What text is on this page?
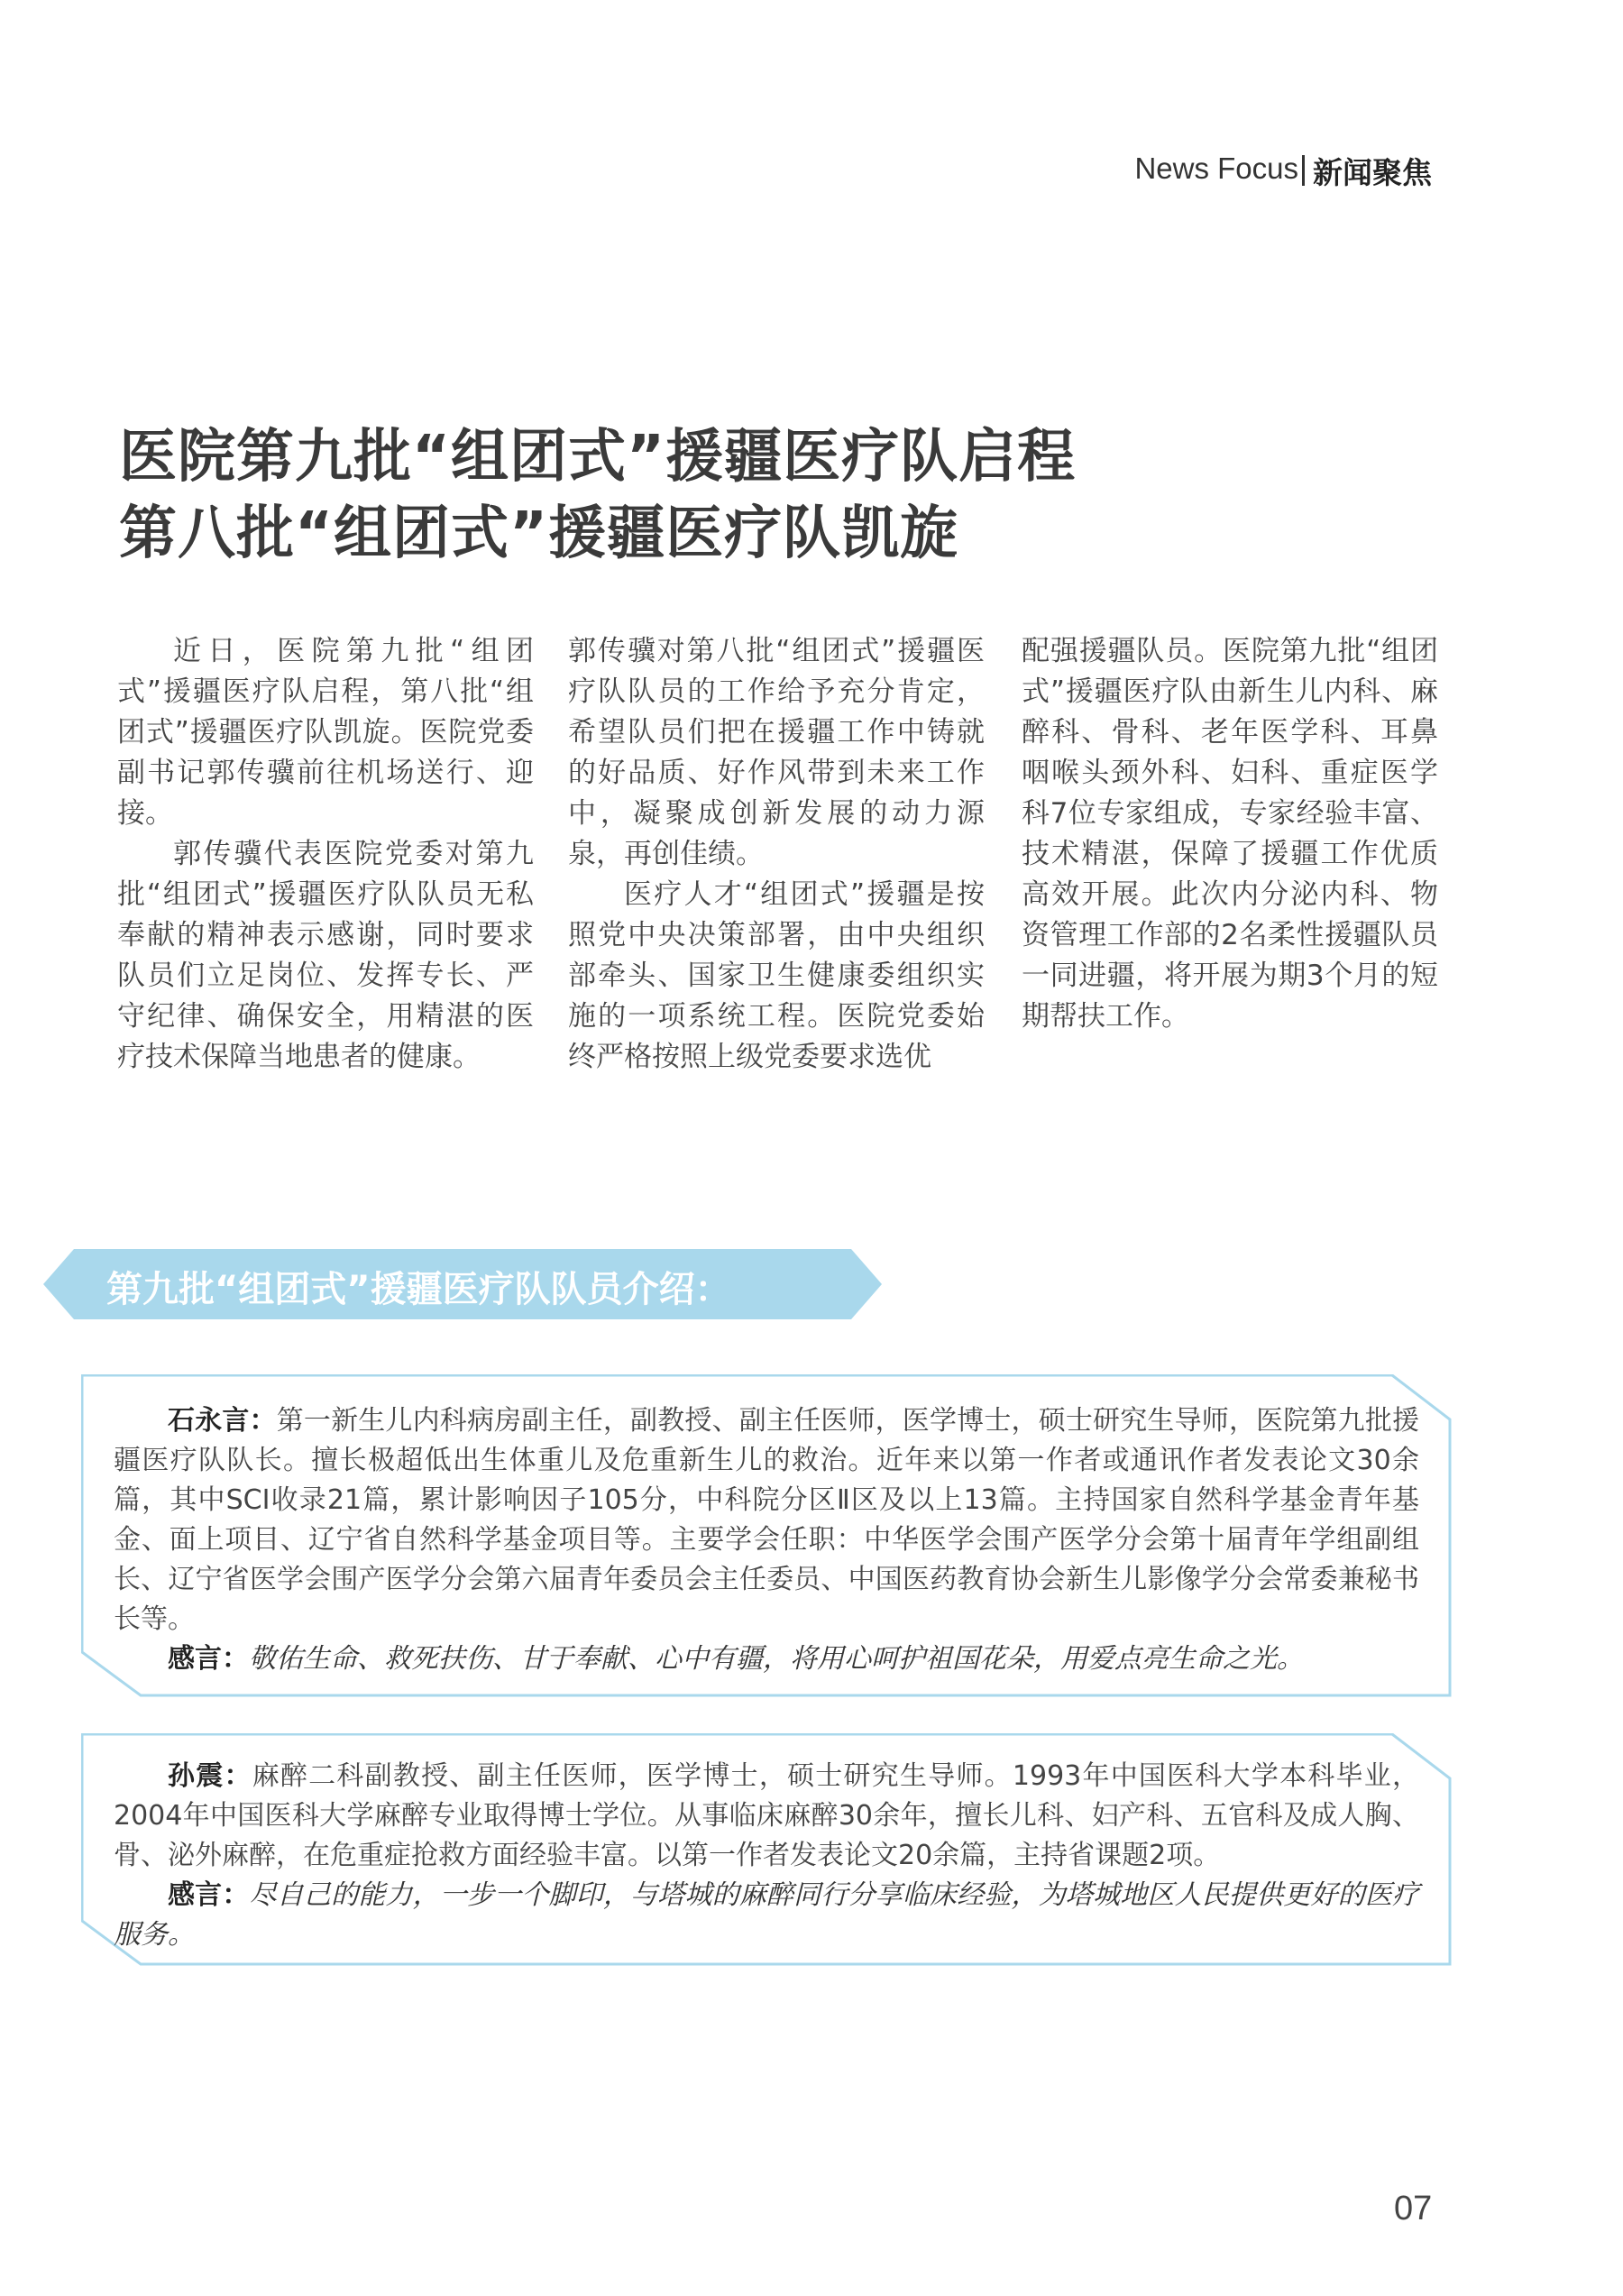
News Focus 新闻聚焦
医院第九批“组团式”援疆医疗队启程
第八批“组团式”援疆医疗队凯旋

近日，医院第九批“组团式”援疆医疗队启程，第八批“组团式”援疆医疗队凯旋。医院党委副书记郭传骥前往机场送行、迎接。

郭传骥代表医院党委对第九批“组团式”援疆医疗队队员无私奉献的精神表示感谢，同时要求队员们立足岗位、发挥专长、严守纪律、确保安全，用精湛的医疗技术保障当地患者的健康。

郭传骥对第八批“组团式”援疆医疗队队员的工作给予充分肯定，希望队员们把在援疆工作中铸就的好品质、好作风带到未来工作中，凝聚成创新发展的动力源泉，再创佳绩。

医疗人才“组团式”援疆是按照党中央决策部署，由中央组织部牵头、国家卫生健康委组织实施的一项系统工程。医院党委始终严格按照上级党委要求选优

配强援疆队员。医院第九批“组团式”援疆医疗队由新生儿内科、麻醉科、骨科、老年医学科、耳鼻咽喉头颈外科、妇科、重症医学科7位专家组成，专家经验丰富、技术精湛，保障了援疆工作优质高效开展。此次内分泌内科、物资管理工作部的2名柔性援疆队员一同进疆，将开展为期3个月的短期帮扶工作。

第九批“组团式”援疆医疗队队员介绍：

石永言：第一新生儿内科病房副主任，副教授、副主任医师，医学博士，硕士研究生导师，医院第九批援疆医疗队队长。擅长极超低出生体重儿及危重新生儿的救治。近年来以第一作者或通讯作者发表论文30余篇，其中SCI收录21篇，累计影响因子105分，中科院分区Ⅱ区及以上13篇。主持国家自然科学基金青年基金、面上项目、辽宁省自然科学基金项目等。主要学会任职：中华医学会围产医学分会第十届青年学组副组长、辽宁省医学会围产医学分会第六届青年委员会主任委员、中国医药教育协会新生儿影像学分会常委兼秘书长等。

感言：敬佑生命、救死扶伤、甘于奉献、心中有疆，将用心呵护祖国花朵，用爱点亮生命之光。

孙震：麻醉二科副教授、副主任医师，医学博士，硕士研究生导师。1993年中国医科大学本科毕业，2004年中国医科大学麻醉专业取得博士学位。从事临床麻醉30余年，擅长儿科、妇产科、五官科及成人胸、骨、泌外麻醉，在危重症抢救方面经验丰富。以第一作者发表论文20余篇，主持省课题2项。

感言：尽自己的能力，一步一个脚印，与塔城的麻醉同行分享临床经验，为塔城地区人民提供更好的医疗服务。

07
